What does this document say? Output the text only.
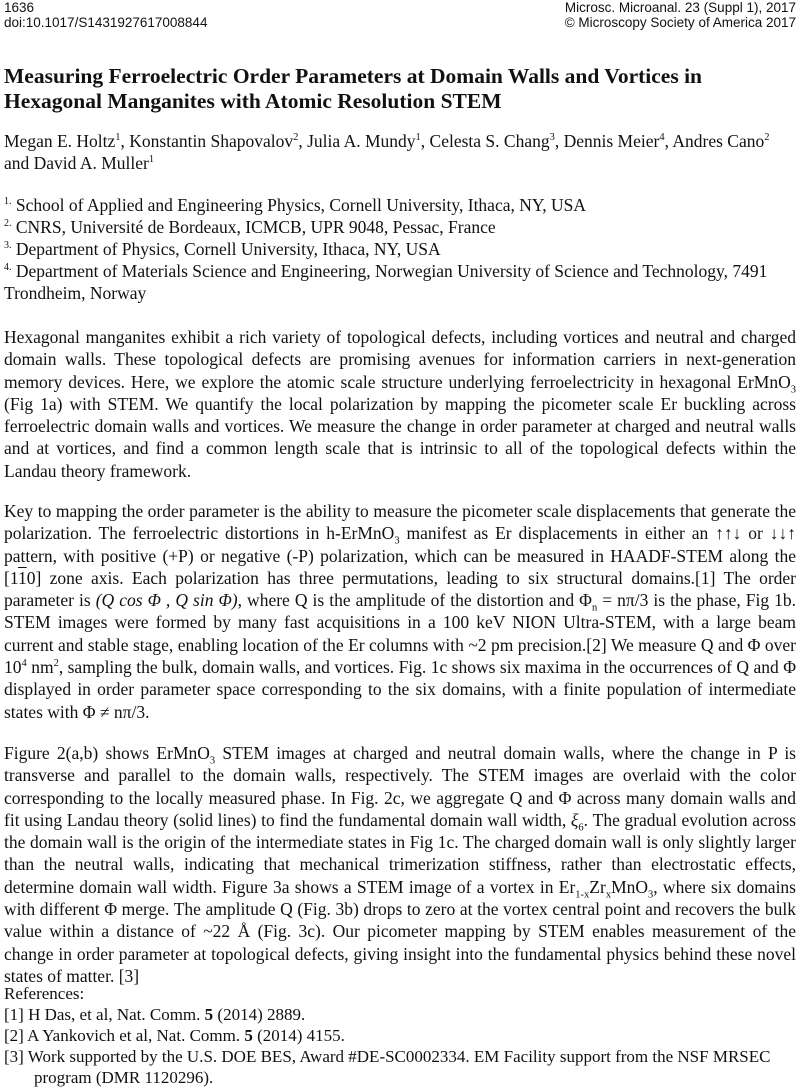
1636
doi:10.1017/S1431927617008844
Microsc. Microanal. 23 (Suppl 1), 2017
© Microscopy Society of America 2017
Measuring Ferroelectric Order Parameters at Domain Walls and Vortices in Hexagonal Manganites with Atomic Resolution STEM

Megan E. Holtz$^1$, Konstantin Shapovalov$^2$, Julia A. Mundy$^1$, Celesta S. Chang$^3$, Dennis Meier$^4$, Andres Cano$^2$ and David A. Muller$^1$

$^{1.}$ School of Applied and Engineering Physics, Cornell University, Ithaca, NY, USA

$^{2.}$ CNRS, Université de Bordeaux, ICMCB, UPR 9048, Pessac, France

$^{3.}$ Department of Physics, Cornell University, Ithaca, NY, USA

$^{4.}$ Department of Materials Science and Engineering, Norwegian University of Science and Technology, 7491 Trondheim, Norway

Hexagonal manganites exhibit a rich variety of topological defects, including vortices and neutral and charged domain walls. These topological defects are promising avenues for information carriers in next-generation memory devices. Here, we explore the atomic scale structure underlying ferroelectricity in hexagonal ErMnO$_3$ (Fig 1a) with STEM. We quantify the local polarization by mapping the picometer scale Er buckling across ferroelectric domain walls and vortices. We measure the change in order parameter at charged and neutral walls and at vortices, and find a common length scale that is intrinsic to all of the topological defects within the Landau theory framework.

Key to mapping the order parameter is the ability to measure the picometer scale displacements that generate the polarization. The ferroelectric distortions in h-ErMnO$_3$ manifest as Er displacements in either an ↑↑↓ or ↓↓↑ pattern, with positive (+P) or negative (-P) polarization, which can be measured in HAADF-STEM along the [110] zone axis. Each polarization has three permutations, leading to six structural domains.[1] The order parameter is (Q cos Φ , Q sin Φ), where Q is the amplitude of the distortion and $\Phi_n = n\pi/3$ is the phase, Fig 1b. STEM images were formed by many fast acquisitions in a 100 keV NION Ultra-STEM, with a large beam current and stable stage, enabling location of the Er columns with ~2 pm precision.[2] We measure Q and Φ over $10^4$ $nm^2$, sampling the bulk, domain walls, and vortices. Fig. 1c shows six maxima in the occurrences of Q and Φ displayed in order parameter space corresponding to the six domains, with a finite population of intermediate states with Φ ≠ nπ/3.

Figure 2(a,b) shows ErMnO$_3$ STEM images at charged and neutral domain walls, where the change in P is transverse and parallel to the domain walls, respectively. The STEM images are overlaid with the color corresponding to the locally measured phase. In Fig. 2c, we aggregate Q and Φ across many domain walls and fit using Landau theory (solid lines) to find the fundamental domain wall width, $\xi_6$. The gradual evolution across the domain wall is the origin of the intermediate states in Fig 1c. The charged domain wall is only slightly larger than the neutral walls, indicating that mechanical trimerization stiffness, rather than electrostatic effects, determine domain wall width. Figure 3a shows a STEM image of a vortex in $Er_{1-x}Zr_xMnO_3$, where six domains with different Φ merge. The amplitude Q (Fig. 3b) drops to zero at the vortex central point and recovers the bulk value within a distance of ~22 Å (Fig. 3c). Our picometer mapping by STEM enables measurement of the change in order parameter at topological defects, giving insight into the fundamental physics behind these novel states of matter. [3]

References:

[1] H Das, et al, Nat. Comm. 5 (2014) 2889.

[2] A Yankovich et al, Nat. Comm. 5 (2014) 4155.

[3] Work supported by the U.S. DOE BES, Award #DE-SC0002334. EM Facility support from the NSF MRSEC program (DMR 1120296).
